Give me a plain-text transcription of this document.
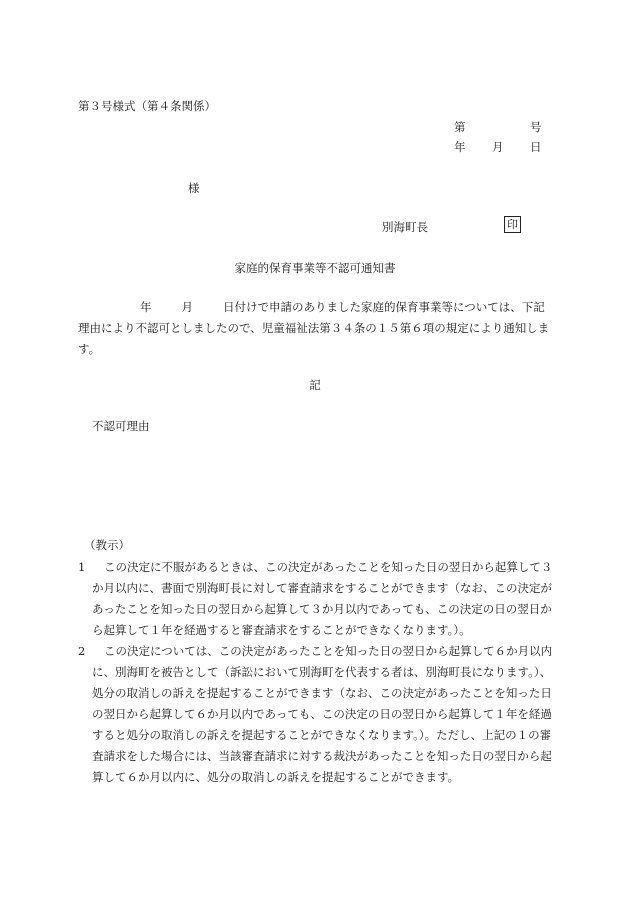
第３号様式（第４条関係）
第	号
年 月 日
様
別海町長	印
家庭的保育事業等不認可通知書
年	月	日付けで申請のありました家庭的保育事業等については、下記理由により不認可としましたので、児童福祉法第３４条の１５第６項の規定により通知します。
記
不認可理由
（教示）
1	この決定に不服があるときは、この決定があったことを知った日の翌日から起算して３か月以内に、書面で別海町長に対して審査請求をすることができます（なお、この決定があったことを知った日の翌日から起算して３か月以内であっても、この決定の日の翌日から起算して１年を経過すると審査請求をすることができなくなります。）。
2	この決定については、この決定があったことを知った日の翌日から起算して６か月以内に、別海町を被告として（訴訟において別海町を代表する者は、別海町長になります。）、処分の取消しの訴えを提起することができます（なお、この決定があったことを知った日の翌日から起算して６か月以内であっても、この決定の日の翌日から起算して１年を経過すると処分の取消しの訴えを提起することができなくなります。）。ただし、上記の１の審査請求をした場合には、当該審査請求に対する裁決があったことを知った日の翌日から起算して６か月以内に、処分の取消しの訴えを提起することができます。
